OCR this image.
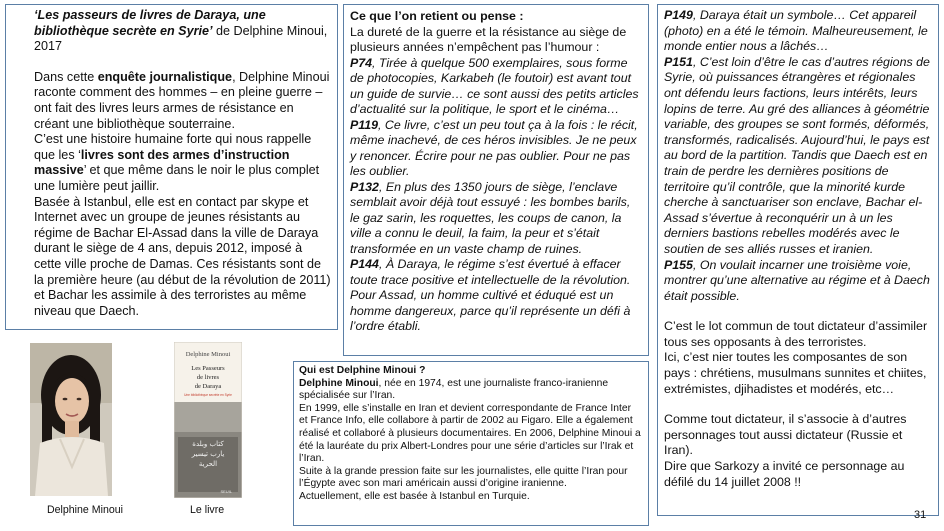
‘Les passeurs de livres de Daraya, une bibliothèque secrète en Syrie’ de Delphine Minoui, 2017

Dans cette enquête journalistique, Delphine Minoui raconte comment des hommes – en pleine guerre – ont fait des livres leurs armes de résistance en créant une bibliothèque souterraine.

C’est une histoire humaine forte qui nous rappelle que les ‘livres sont des armes d’instruction massive’ et que même dans le noir le plus complet une lumière peut jaillir.

Basée à Istanbul, elle est en contact par skype et Internet avec un groupe de jeunes résistants au régime de Bachar El-Assad dans la ville de Daraya durant le siège de 4 ans, depuis 2012, imposé à cette ville proche de Damas. Ces résistants sont de la première heure (au début de la révolution de 2011) et Bachar les assimile à des terroristes au même niveau que Daech.

Delphine Minoui
Delphine Minoui
Les Passeurs
de livres
de Daraya
Une bibliothèque secrète en Syrie
كتاب وبلدة
يارب تيسير
الحرية
SEUIL
Le livre

Ce que l’on retient ou pense :

La dureté de la guerre et la résistance au siège de plusieurs années n’empêchent pas l’humour :

P74, Tirée à quelque 500 exemplaires, sous forme de photocopies, Karkabeh (le foutoir) est avant tout un guide de survie… ce sont aussi des petits articles d’actualité sur la politique, le sport et le cinéma…

P119, Ce livre, c’est un peu tout ça à la fois : le récit, même inachevé, de ces héros invisibles. Je ne peux y renoncer. Écrire pour ne pas oublier. Pour ne pas les oublier.

P132, En plus des 1350 jours de siège, l’enclave semblait avoir déjà tout essuyé : les bombes barils, le gaz sarin, les roquettes, les coups de canon, la ville a connu le deuil, la faim, la peur et s’était transformée en un vaste champ de ruines.

P144, À Daraya, le régime s’est évertué à effacer toute trace positive et intellectuelle de la révolution. Pour Assad, un homme cultivé et éduqué est un homme dangereux, parce qu’il représente un défi à l’ordre établi.

P149, Daraya était un symbole… Cet appareil (photo) en a été le témoin. Malheureusement, le monde entier nous a lâchés…

P151, C’est loin d’être le cas d’autres régions de Syrie, où puissances étrangères et régionales ont défendu leurs factions, leurs intérêts, leurs lopins de terre. Au gré des alliances à géométrie variable, des groupes se sont formés, déformés, transformés, radicalisés. Aujourd’hui, le pays est au bord de la partition. Tandis que Daech est en train de perdre les dernières positions de territoire qu’il contrôle, que la minorité kurde cherche à sanctuariser son enclave, Bachar el-Assad s’évertue à reconquérir un à un les derniers bastions rebelles modérés avec le soutien de ses alliés russes et iranien.

P155, On voulait incarner une troisième voie, montrer qu’une alternative au régime et à Daech était possible.

C’est le lot commun de tout dictateur d’assimiler tous ses opposants à des terroristes.

Ici, c’est nier toutes les composantes de son pays : chrétiens, musulmans sunnites et chiites, extrémistes, djihadistes et modérés, etc…

Comme tout dictateur, il s’associe à d’autres personnages tout aussi dictateur (Russie et Iran).

Dire que Sarkozy a invité ce personnage au défilé du 14 juillet 2008 !!

Qui est Delphine Minoui ?

Delphine Minoui, née en 1974, est une journaliste franco-iranienne spécialisée sur l’Iran.

En 1999, elle s’installe en Iran et devient correspondante de France Inter et France Info, elle collabore à partir de 2002 au Figaro. Elle a également réalisé et collaboré à plusieurs documentaires. En 2006, Delphine Minoui a été la lauréate du prix Albert-Londres pour une série d’articles sur l’Irak et l’Iran.

Suite à la grande pression faite sur les journalistes, elle quitte l’Iran pour l’Égypte avec son mari américain aussi d’origine iranienne.

Actuellement, elle est basée à Istanbul en Turquie.

31
